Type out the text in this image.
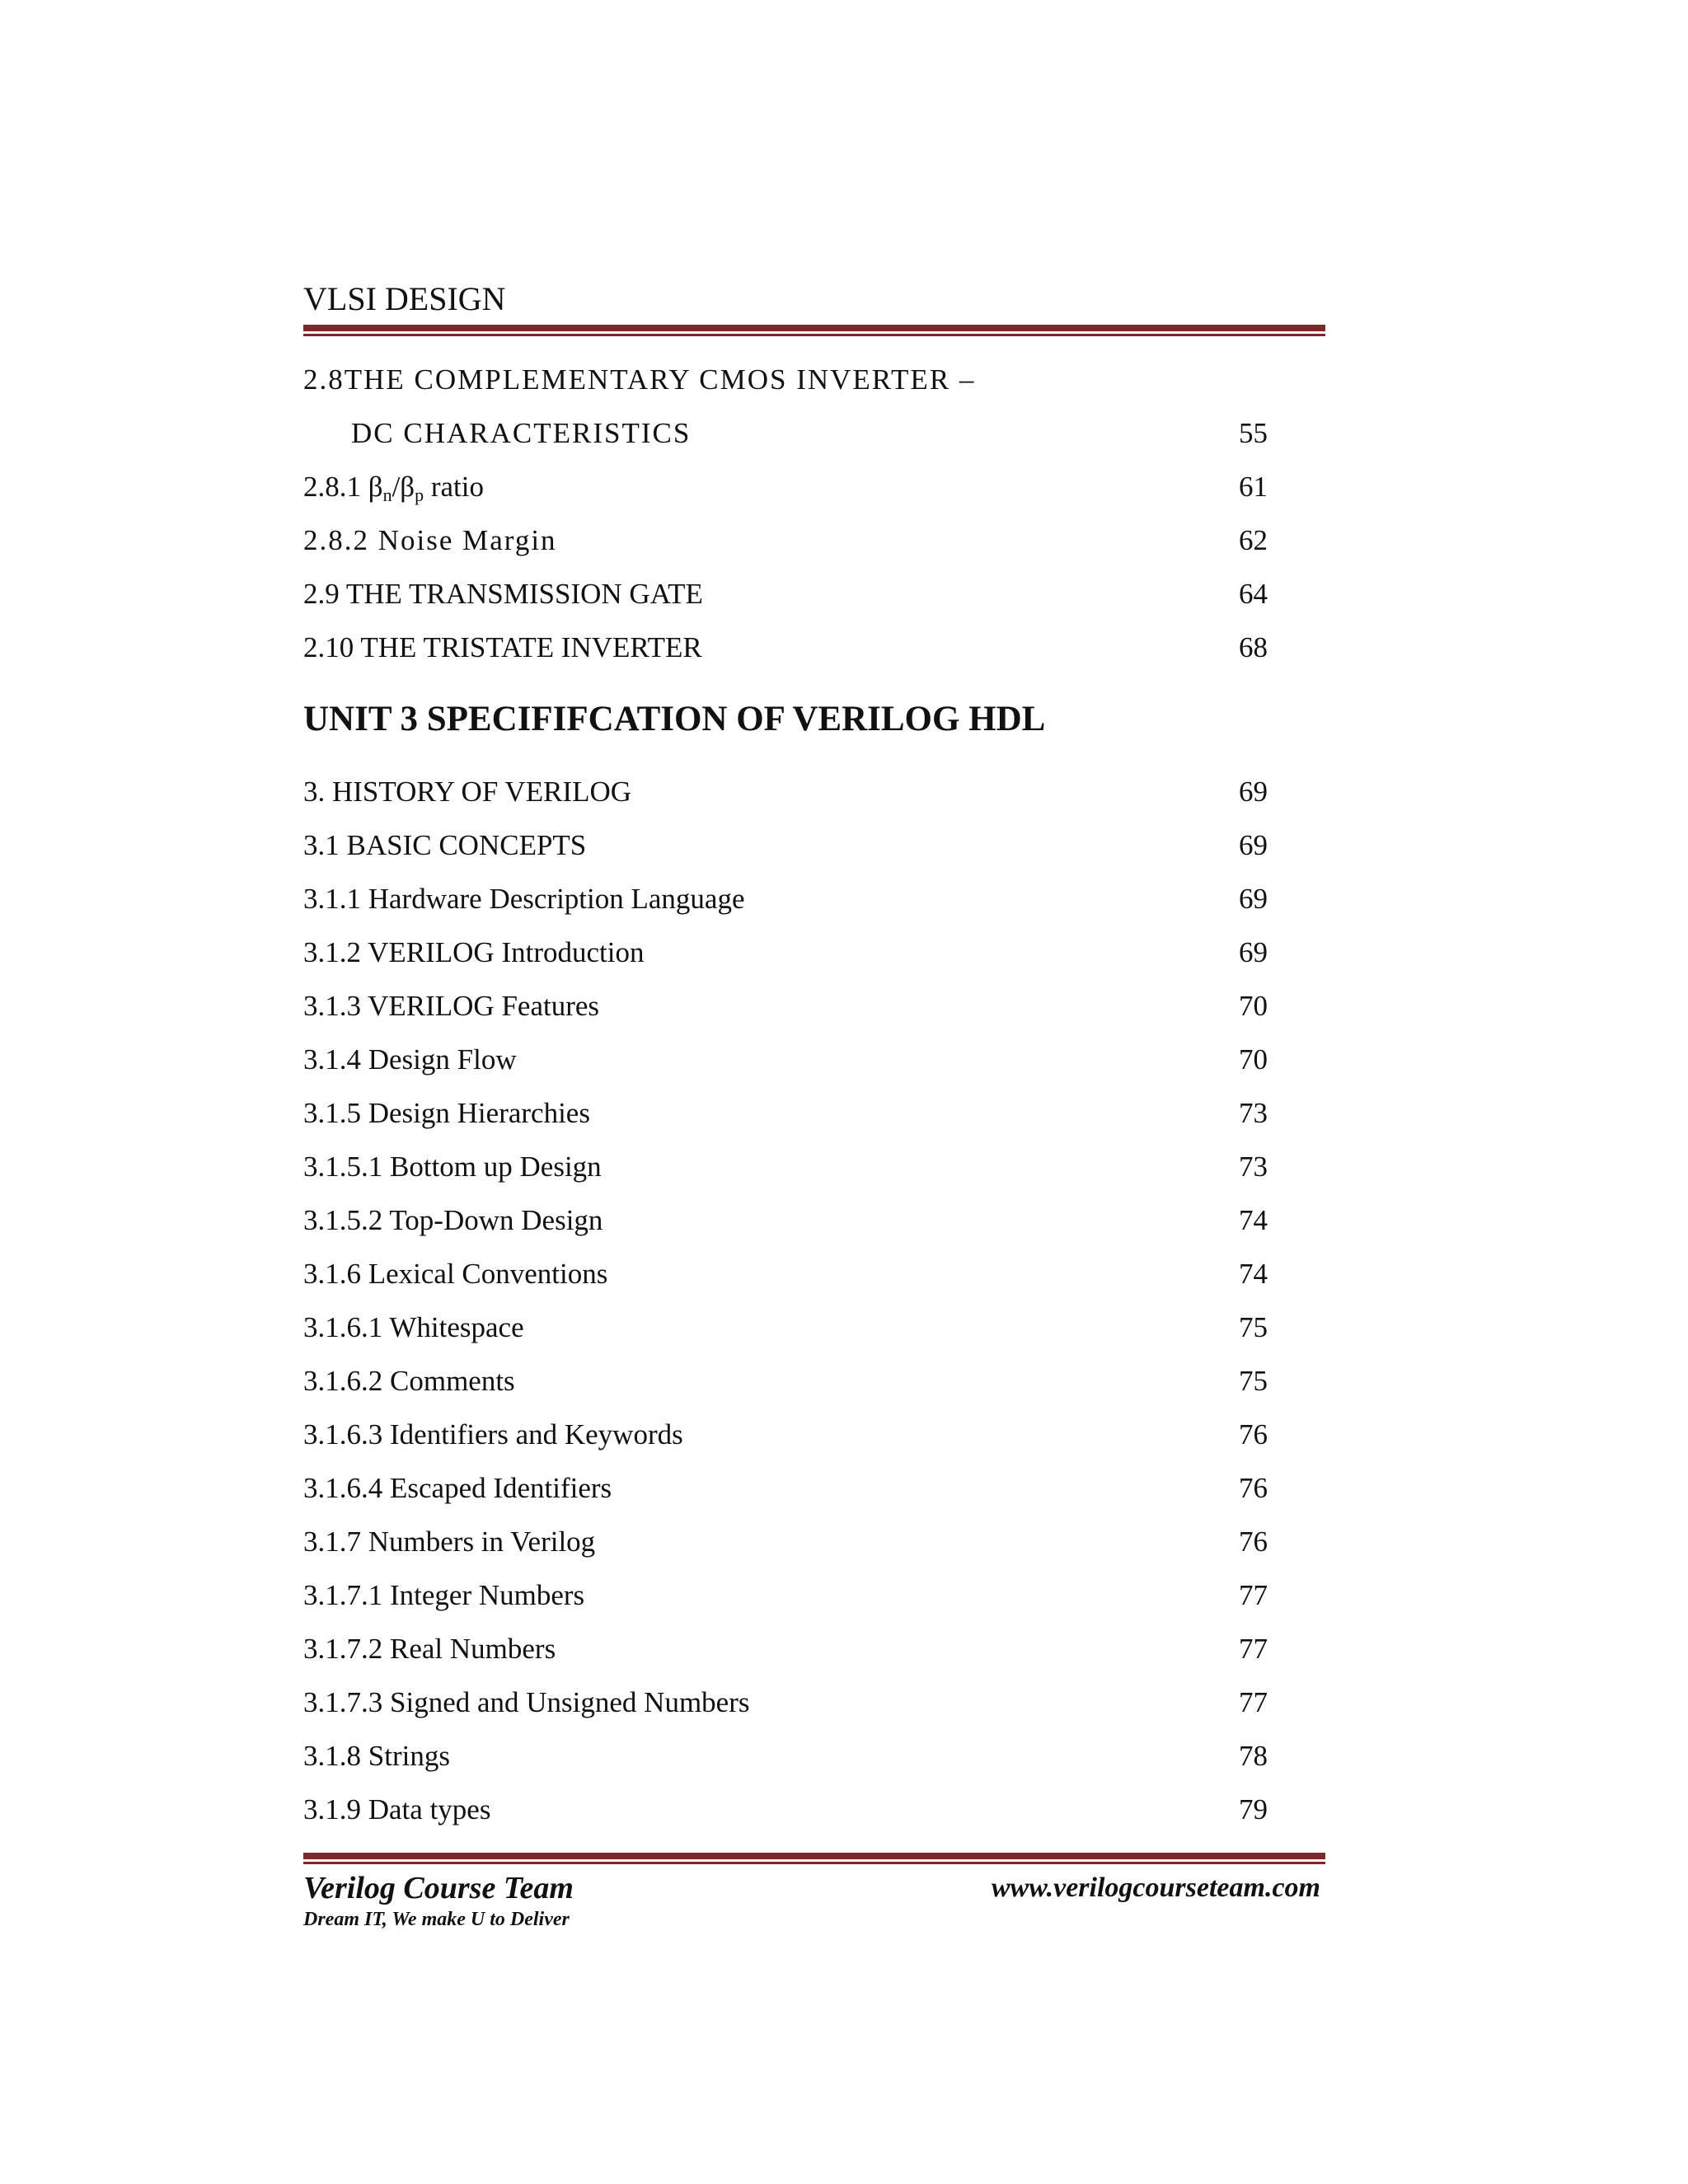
VLSI DESIGN
2.8THE COMPLEMENTARY CMOS INVERTER –
DC CHARACTERISTICS	55
2.8.1 $\beta_n/\beta_p$ ratio	61
2.8.2 Noise Margin	62
2.9 THE TRANSMISSION GATE	64
2.10 THE TRISTATE INVERTER	68
UNIT 3 SPECIFIFCATION OF VERILOG HDL
3. HISTORY OF VERILOG	69
3.1 BASIC CONCEPTS	69
3.1.1 Hardware Description Language	69
3.1.2 VERILOG Introduction	69
3.1.3 VERILOG Features	70
3.1.4 Design Flow	70
3.1.5 Design Hierarchies	73
3.1.5.1 Bottom up Design	73
3.1.5.2 Top-Down Design	74
3.1.6 Lexical Conventions	74
3.1.6.1 Whitespace	75
3.1.6.2 Comments	75
3.1.6.3 Identifiers and Keywords	76
3.1.6.4 Escaped Identifiers	76
3.1.7 Numbers in Verilog	76
3.1.7.1 Integer Numbers	77
3.1.7.2 Real Numbers	77
3.1.7.3 Signed and Unsigned Numbers	77
3.1.8 Strings	78
3.1.9 Data types	79
Verilog Course Team
Dream IT, We make U to Deliver
www.verilogcourseteam.com
